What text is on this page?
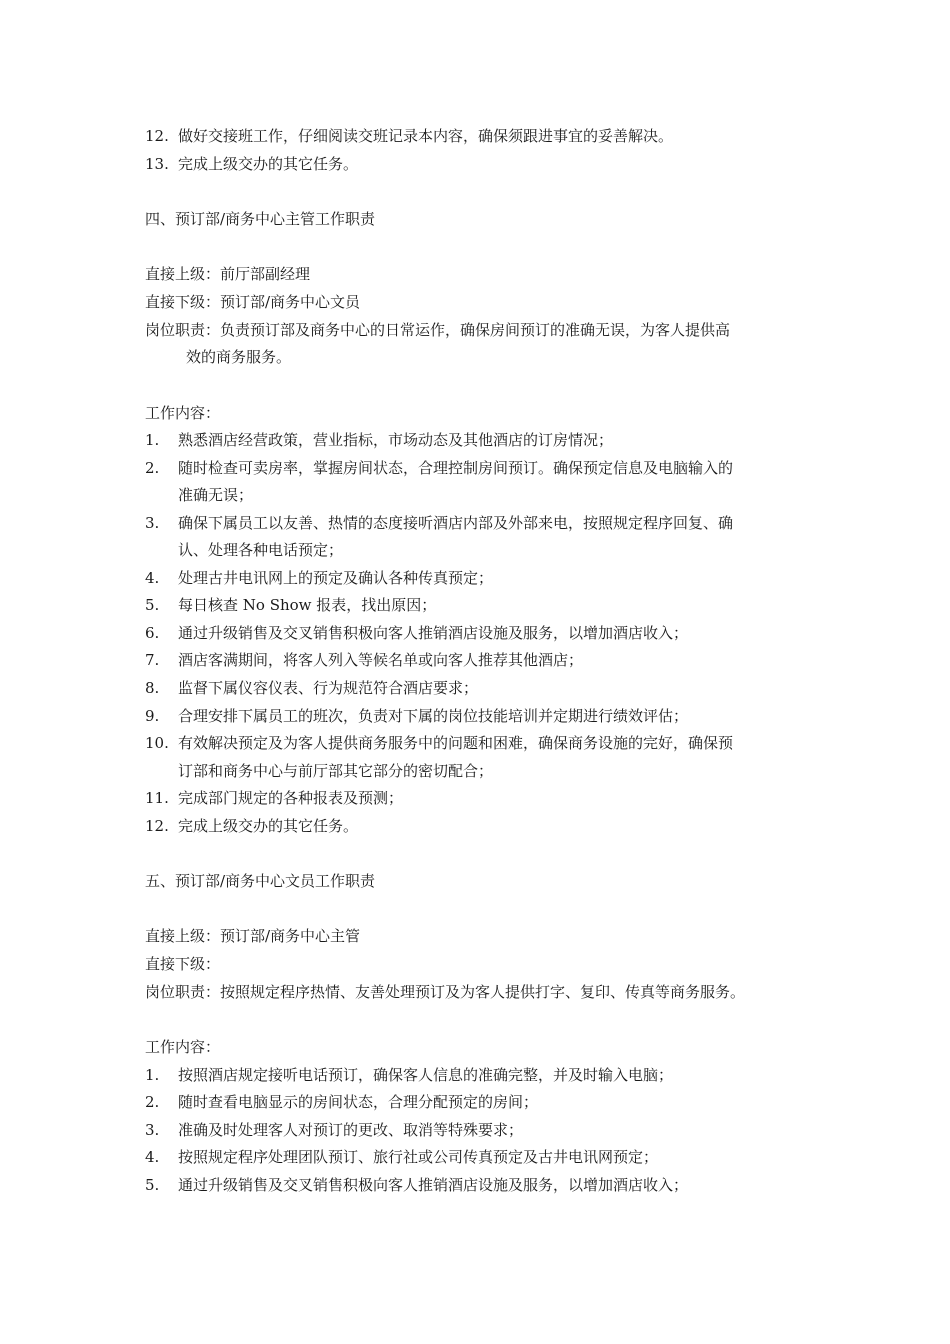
12. 做好交接班工作，仔细阅读交班记录本内容，确保须跟进事宜的妥善解决。
13. 完成上级交办的其它任务。
四、预订部/商务中心主管工作职责
直接上级：前厅部副经理
直接下级：预订部/商务中心文员
岗位职责：负责预订部及商务中心的日常运作，确保房间预订的准确无误，为客人提供高
效的商务服务。
工作内容：
1. 熟悉酒店经营政策，营业指标，市场动态及其他酒店的订房情况；
2. 随时检查可卖房率，掌握房间状态，合理控制房间预订。确保预定信息及电脑输入的
准确无误；
3. 确保下属员工以友善、热情的态度接听酒店内部及外部来电，按照规定程序回复、确
认、处理各种电话预定；
4. 处理古井电讯网上的预定及确认各种传真预定；
5. 每日核查 No Show 报表，找出原因；
6. 通过升级销售及交叉销售积极向客人推销酒店设施及服务，以增加酒店收入；
7. 酒店客满期间，将客人列入等候名单或向客人推荐其他酒店；
8. 监督下属仪容仪表、行为规范符合酒店要求；
9. 合理安排下属员工的班次，负责对下属的岗位技能培训并定期进行绩效评估；
10. 有效解决预定及为客人提供商务服务中的问题和困难，确保商务设施的完好，确保预
订部和商务中心与前厅部其它部分的密切配合；
11. 完成部门规定的各种报表及预测；
12. 完成上级交办的其它任务。
五、预订部/商务中心文员工作职责
直接上级：预订部/商务中心主管
直接下级：
岗位职责：按照规定程序热情、友善处理预订及为客人提供打字、复印、传真等商务服务。
工作内容：
1. 按照酒店规定接听电话预订，确保客人信息的准确完整，并及时输入电脑；
2. 随时查看电脑显示的房间状态，合理分配预定的房间；
3. 准确及时处理客人对预订的更改、取消等特殊要求；
4. 按照规定程序处理团队预订、旅行社或公司传真预定及古井电讯网预定；
5. 通过升级销售及交叉销售积极向客人推销酒店设施及服务，以增加酒店收入；
